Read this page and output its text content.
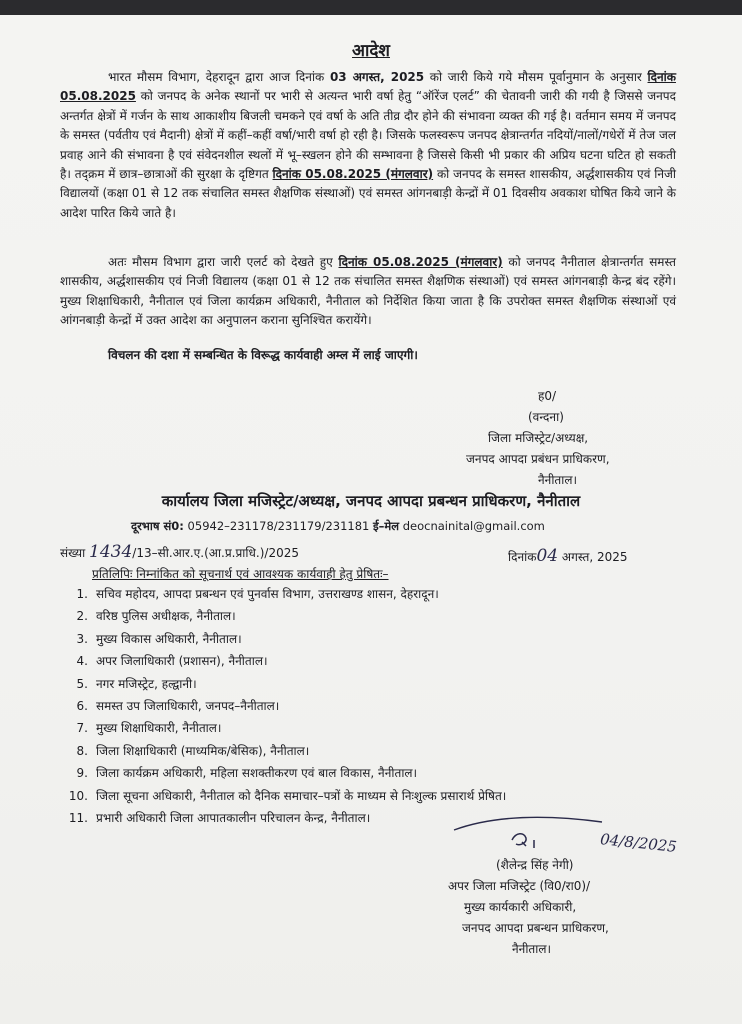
आदेश
भारत मौसम विभाग, देहरादून द्वारा आज दिनांक 03 अगस्त, 2025 को जारी किये गये मौसम पूर्वानुमान के अनुसार दिनांक 05.08.2025 को जनपद के अनेक स्थानों पर भारी से अत्यन्त भारी वर्षा हेतु “ऑरेंज एलर्ट” की चेतावनी जारी की गयी है जिससे जनपद अन्तर्गत क्षेत्रों में गर्जन के साथ आकाशीय बिजली चमकने एवं वर्षा के अति तीव्र दौर होने की संभावना व्यक्त की गई है। वर्तमान समय में जनपद के समस्त (पर्वतीय एवं मैदानी) क्षेत्रों में कहीं–कहीं वर्षा/भारी वर्षा हो रही है। जिसके फलस्वरूप जनपद क्षेत्रान्तर्गत नदियों/नालों/गधेरों में तेज जल प्रवाह आने की संभावना है एवं संवेदनशील स्थलों में भू–स्खलन होने की सम्भावना है जिससे किसी भी प्रकार की अप्रिय घटना घटित हो सकती है। तद्‌क्रम में छात्र–छात्राओं की सुरक्षा के दृष्टिगत दिनांक 05.08.2025 (मंगलवार) को जनपद के समस्त शासकीय, अर्द्धशासकीय एवं निजी विद्यालयों (कक्षा 01 से 12 तक संचालित समस्त शैक्षणिक संस्थाओं) एवं समस्त आंगनबाड़ी केन्द्रों में 01 दिवसीय अवकाश घोषित किये जाने के आदेश पारित किये जाते है।
अतः मौसम विभाग द्वारा जारी एलर्ट को देखते हुए दिनांक 05.08.2025 (मंगलवार) को जनपद नैनीताल क्षेत्रान्तर्गत समस्त शासकीय, अर्द्धशासकीय एवं निजी विद्यालय (कक्षा 01 से 12 तक संचालित समस्त शैक्षणिक संस्थाओं) एवं समस्त आंगनबाड़ी केन्द्र बंद रहेंगे। मुख्य शिक्षाधिकारी, नैनीताल एवं जिला कार्यक्रम अधिकारी, नैनीताल को निर्देशित किया जाता है कि उपरोक्त समस्त शैक्षणिक संस्थाओं एवं आंगनबाड़ी केन्द्रों में उक्त आदेश का अनुपालन कराना सुनिश्चित करायेंगे।
विचलन की दशा में सम्बन्धित के विरूद्ध कार्यवाही अम्ल में लाई जाएगी।
ह0/
(वन्दना)
जिला मजिस्ट्रेट/अध्यक्ष,
जनपद आपदा प्रबंधन प्राधिकरण,
नैनीताल।
कार्यालय जिला मजिस्ट्रेट/अध्यक्ष, जनपद आपदा प्रबन्धन प्राधिकरण, नैनीताल
दूरभाष सं0: 05942–231178/231179/231181 ई–मेल deocnainital@gmail.com
संख्या 1434/13–सी.आर.ए.(आ.प्र.प्राधि.)/2025	दिनांक04 अगस्त, 2025
प्रतिलिपिः निम्नांकित को सूचनार्थ एवं आवश्यक कार्यवाही हेतु प्रेषितः–
1. सचिव महोदय, आपदा प्रबन्धन एवं पुनर्वास विभाग, उत्तराखण्ड शासन, देहरादून।
2. वरिष्ठ पुलिस अधीक्षक, नैनीताल।
3. मुख्य विकास अधिकारी, नैनीताल।
4. अपर जिलाधिकारी (प्रशासन), नैनीताल।
5. नगर मजिस्ट्रेट, हल्द्वानी।
6. समस्त उप जिलाधिकारी, जनपद–नैनीताल।
7. मुख्य शिक्षाधिकारी, नैनीताल।
8. जिला शिक्षाधिकारी (माध्यमिक/बेसिक), नैनीताल।
9. जिला कार्यक्रम अधिकारी, महिला सशक्तीकरण एवं बाल विकास, नैनीताल।
10. जिला सूचना अधिकारी, नैनीताल को दैनिक समाचार–पत्रों के माध्यम से निःशुल्क प्रसारार्थ प्रेषित।
11. प्रभारी अधिकारी जिला आपातकालीन परिचालन केन्द्र, नैनीताल।
04/8/2025
(शैलेन्द्र सिंह नेगी)
अपर जिला मजिस्ट्रेट (वि0/रा0)/
मुख्य कार्यकारी अधिकारी,
जनपद आपदा प्रबन्धन प्राधिकरण,
नैनीताल।
